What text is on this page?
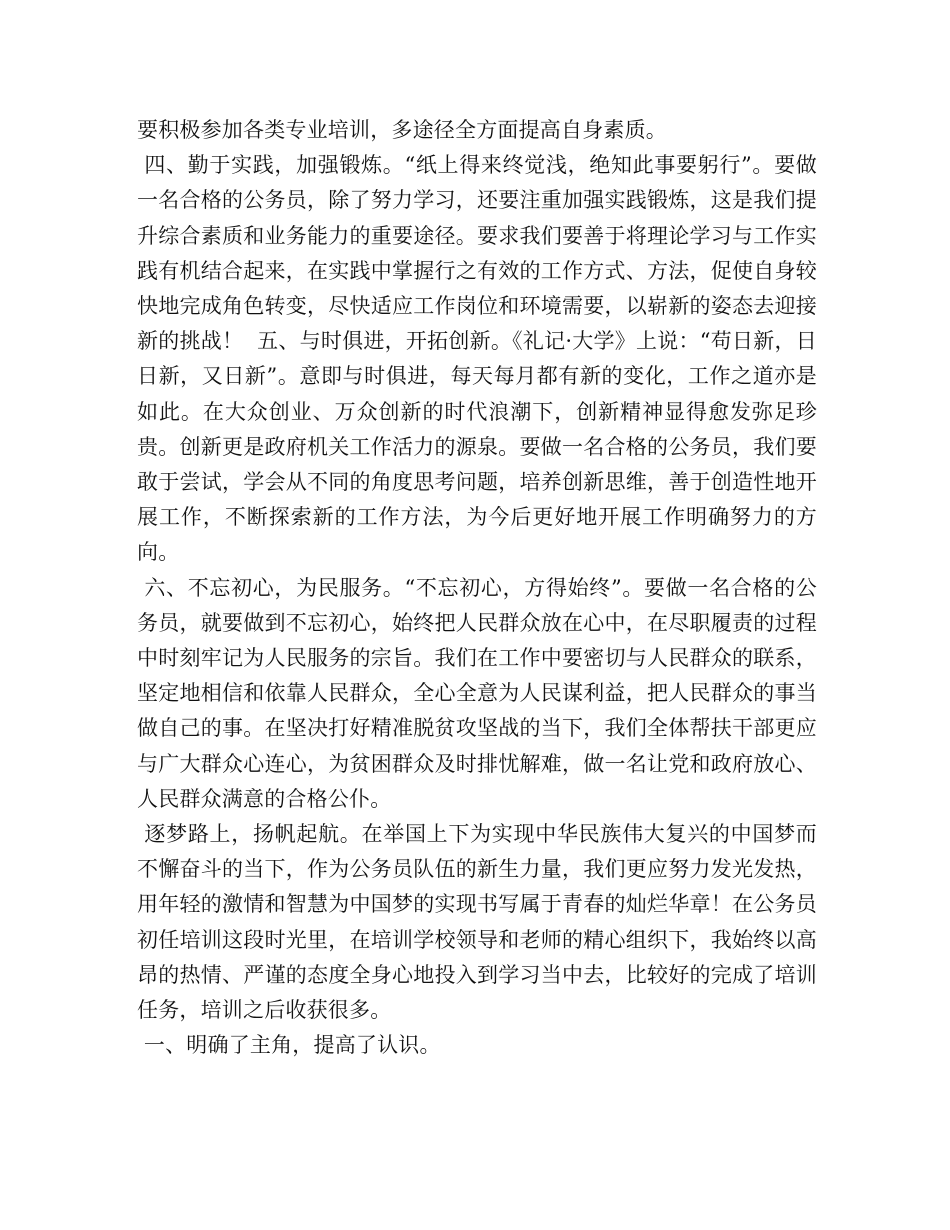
要积极参加各类专业培训，多途径全方面提高自身素质。

四、勤于实践，加强锻炼。“纸上得来终觉浅，绝知此事要躬行”。要做一名合格的公务员，除了努力学习，还要注重加强实践锻炼，这是我们提升综合素质和业务能力的重要途径。要求我们要善于将理论学习与工作实践有机结合起来，在实践中掌握行之有效的工作方式、方法，促使自身较快地完成角色转变，尽快适应工作岗位和环境需要，以崭新的姿态去迎接新的挑战！  五、与时俱进，开拓创新。《礼记·大学》上说：“苟日新，日日新，又日新”。意即与时俱进，每天每月都有新的变化，工作之道亦是如此。在大众创业、万众创新的时代浪潮下，创新精神显得愈发弥足珍贵。创新更是政府机关工作活力的源泉。要做一名合格的公务员，我们要敢于尝试，学会从不同的角度思考问题，培养创新思维，善于创造性地开展工作，不断探索新的工作方法，为今后更好地开展工作明确努力的方向。

六、不忘初心，为民服务。“不忘初心，方得始终”。要做一名合格的公务员，就要做到不忘初心，始终把人民群众放在心中，在尽职履责的过程中时刻牢记为人民服务的宗旨。我们在工作中要密切与人民群众的联系，坚定地相信和依靠人民群众，全心全意为人民谋利益，把人民群众的事当做自己的事。在坚决打好精准脱贫攻坚战的当下，我们全体帮扶干部更应与广大群众心连心，为贫困群众及时排忧解难，做一名让党和政府放心、人民群众满意的合格公仆。

逐梦路上，扬帆起航。在举国上下为实现中华民族伟大复兴的中国梦而不懈奋斗的当下，作为公务员队伍的新生力量，我们更应努力发光发热，用年轻的激情和智慧为中国梦的实现书写属于青春的灿烂华章！在公务员初任培训这段时光里，在培训学校领导和老师的精心组织下，我始终以高昂的热情、严谨的态度全身心地投入到学习当中去，比较好的完成了培训任务，培训之后收获很多。

一、明确了主角，提高了认识。
